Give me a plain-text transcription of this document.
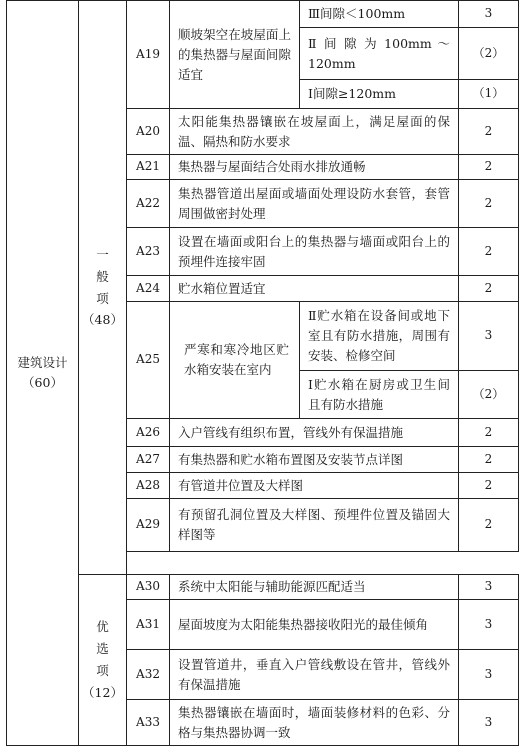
建筑设计
（60）	一
般
项
（48）	A19	顺坡架空在坡屋面上的集热器与屋面间隙适宜	Ⅲ间隙＜100mm	3
				Ⅱ 间 隙 为 100mm ～ 120mm	（2）
				Ⅰ间隙≥120mm	（1）
		A20	太阳能集热器镶嵌在坡屋面上，满足屋面的保温、隔热和防水要求		2
		A21	集热器与屋面结合处雨水排放通畅		2
		A22	集热器管道出屋面或墙面处理设防水套管，套管周围做密封处理		2
		A23	设置在墙面或阳台上的集热器与墙面或阳台上的预埋件连接牢固		2
		A24	贮水箱位置适宜		2
		A25	严寒和寒冷地区贮水箱安装在室内	Ⅱ贮水箱在设备间或地下室且有防水措施，周围有安装、检修空间	3
				Ⅰ贮水箱在厨房或卫生间且有防水措施	（2）
		A26	入户管线有组织布置，管线外有保温措施		2
		A27	有集热器和贮水箱布置图及安装节点详图		2
		A28	有管道井位置及大样图		2
		A29	有预留孔洞位置及大样图、预埋件位置及锚固大样图等		2

	优
选
项
（12）	A30	系统中太阳能与辅助能源匹配适当		3
		A31	屋面坡度为太阳能集热器接收阳光的最佳倾角		3
		A32	设置管道井，垂直入户管线敷设在管井，管线外有保温措施		3
		A33	集热器镶嵌在墙面时，墙面装修材料的色彩、分格与集热器协调一致		3
